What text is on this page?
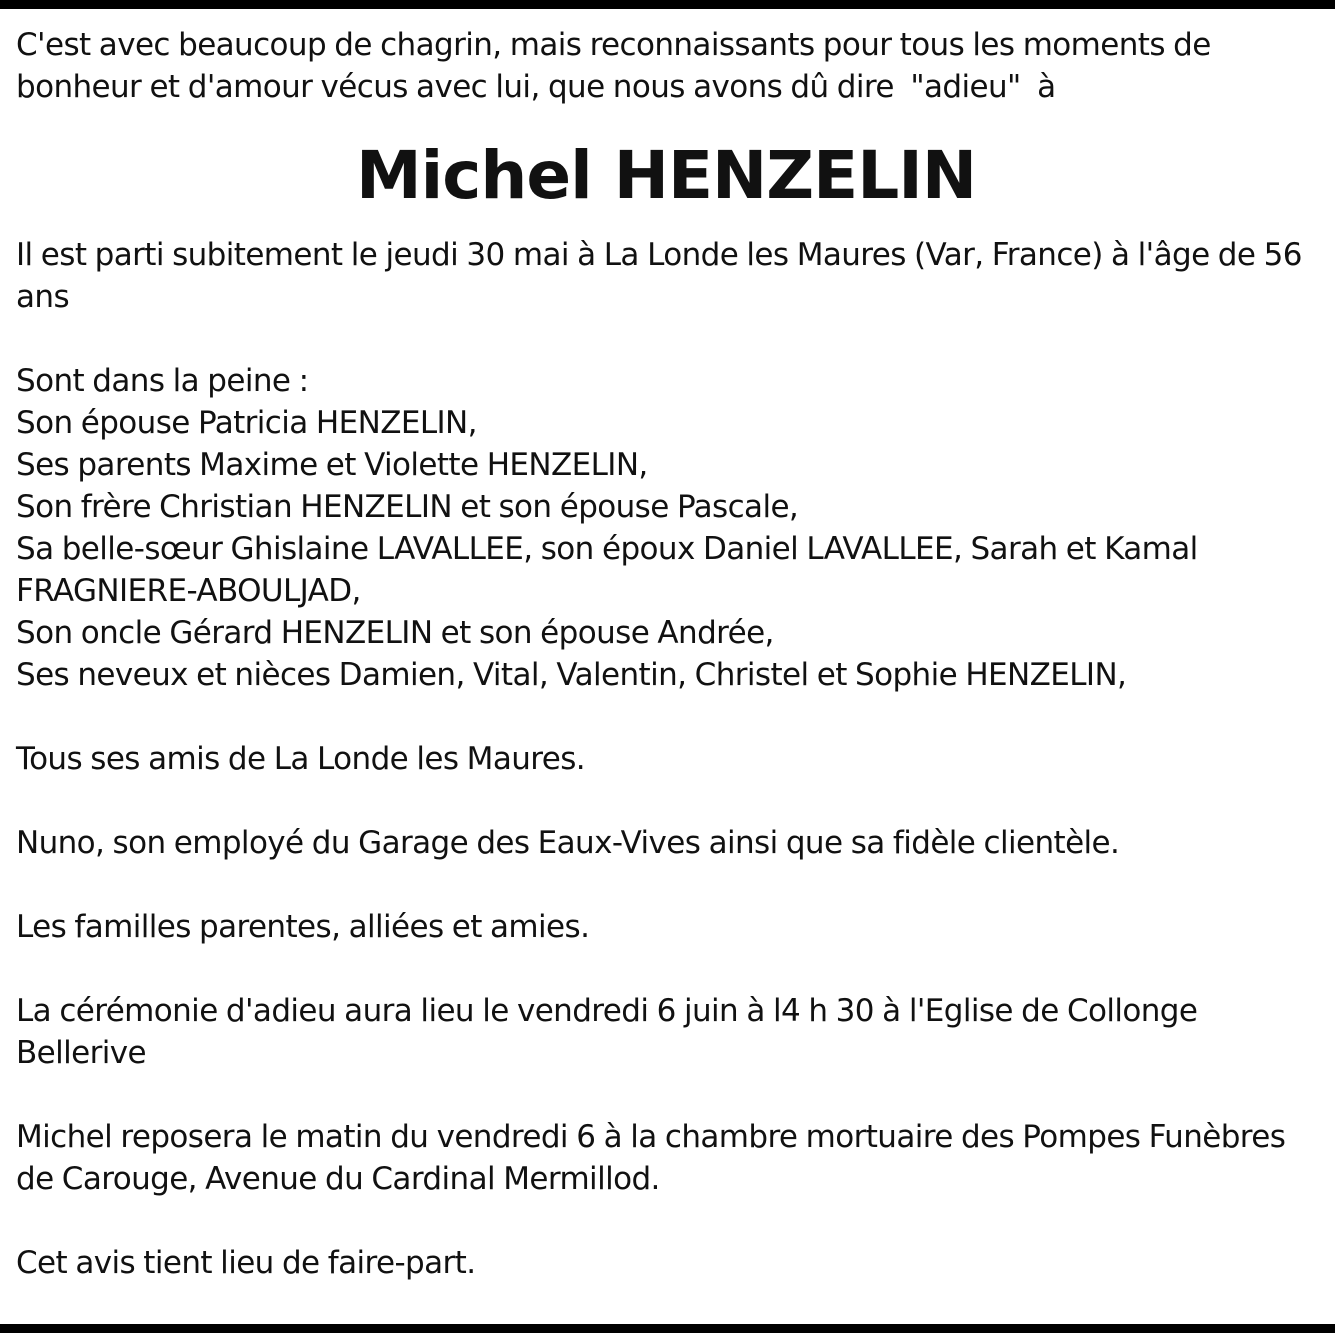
C'est avec beaucoup de chagrin, mais reconnaissants pour tous les moments de bonheur et d'amour vécus avec lui, que nous avons dû dire  "adieu"  à

Michel HENZELIN

Il est parti subitement le jeudi 30 mai à La Londe les Maures (Var, France) à l'âge de 56 ans

Sont dans la peine :
Son épouse Patricia HENZELIN,
Ses parents Maxime et Violette HENZELIN,
Son frère Christian HENZELIN et son épouse Pascale,
Sa belle-sœur Ghislaine LAVALLEE, son époux Daniel LAVALLEE, Sarah et Kamal FRAGNIERE-ABOULJAD,
Son oncle Gérard HENZELIN et son épouse Andrée,
Ses neveux et nièces Damien, Vital, Valentin, Christel et Sophie HENZELIN,

Tous ses amis de La Londe les Maures.

Nuno, son employé du Garage des Eaux-Vives ainsi que sa fidèle clientèle.

Les familles parentes, alliées et amies.

La cérémonie d'adieu aura lieu le vendredi 6 juin à l4 h 30 à l'Eglise de Collonge Bellerive

Michel reposera le matin du vendredi 6 à la chambre mortuaire des Pompes Funèbres de Carouge, Avenue du Cardinal Mermillod.

Cet avis tient lieu de faire-part.
